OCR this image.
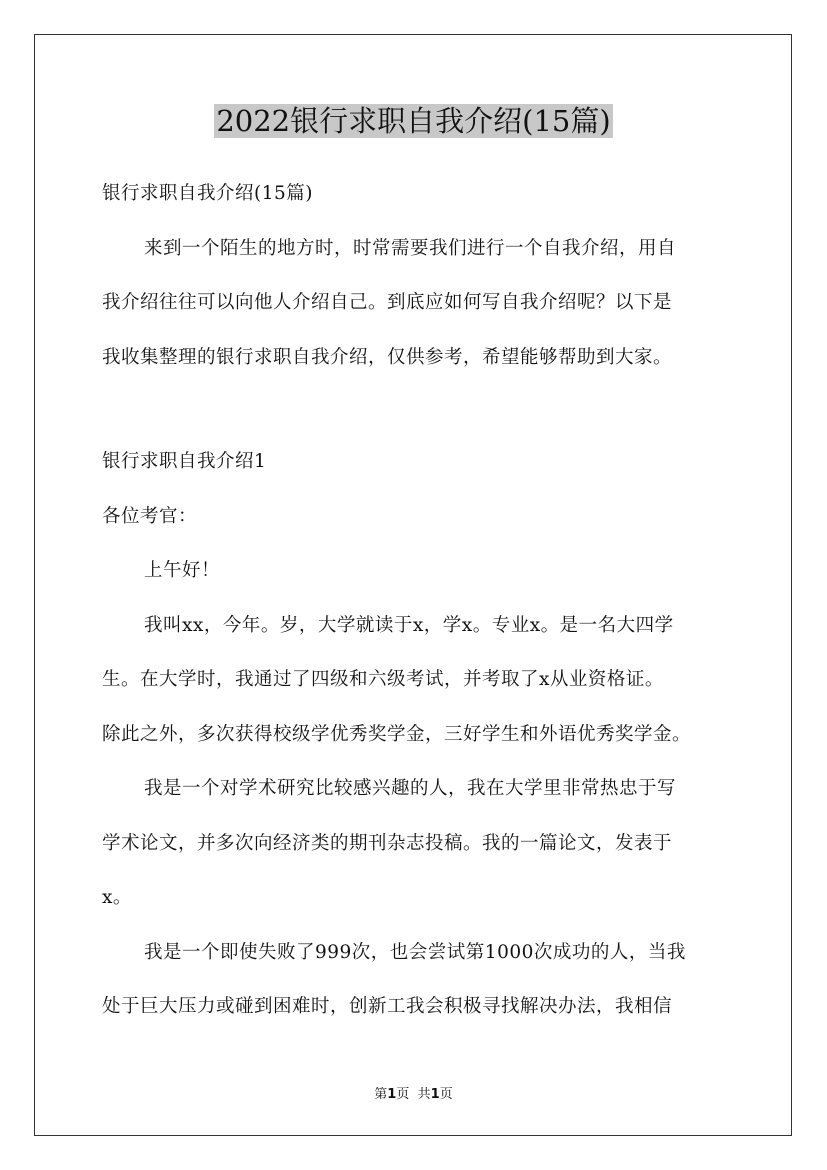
2022银行求职自我介绍(15篇)
银行求职自我介绍(15篇)
来到一个陌生的地方时，时常需要我们进行一个自我介绍，用自
我介绍往往可以向他人介绍自己。到底应如何写自我介绍呢？以下是
我收集整理的银行求职自我介绍，仅供参考，希望能够帮助到大家。
银行求职自我介绍1
各位考官：
上午好！
我叫xx，今年。岁，大学就读于x，学x。专业x。是一名大四学
生。在大学时，我通过了四级和六级考试，并考取了x从业资格证。
除此之外，多次获得校级学优秀奖学金，三好学生和外语优秀奖学金。
我是一个对学术研究比较感兴趣的人，我在大学里非常热忠于写
学术论文，并多次向经济类的期刊杂志投稿。我的一篇论文，发表于
x。
我是一个即使失败了999次，也会尝试第1000次成功的人，当我
处于巨大压力或碰到困难时，创新工我会积极寻找解决办法，我相信
第1页 共1页
